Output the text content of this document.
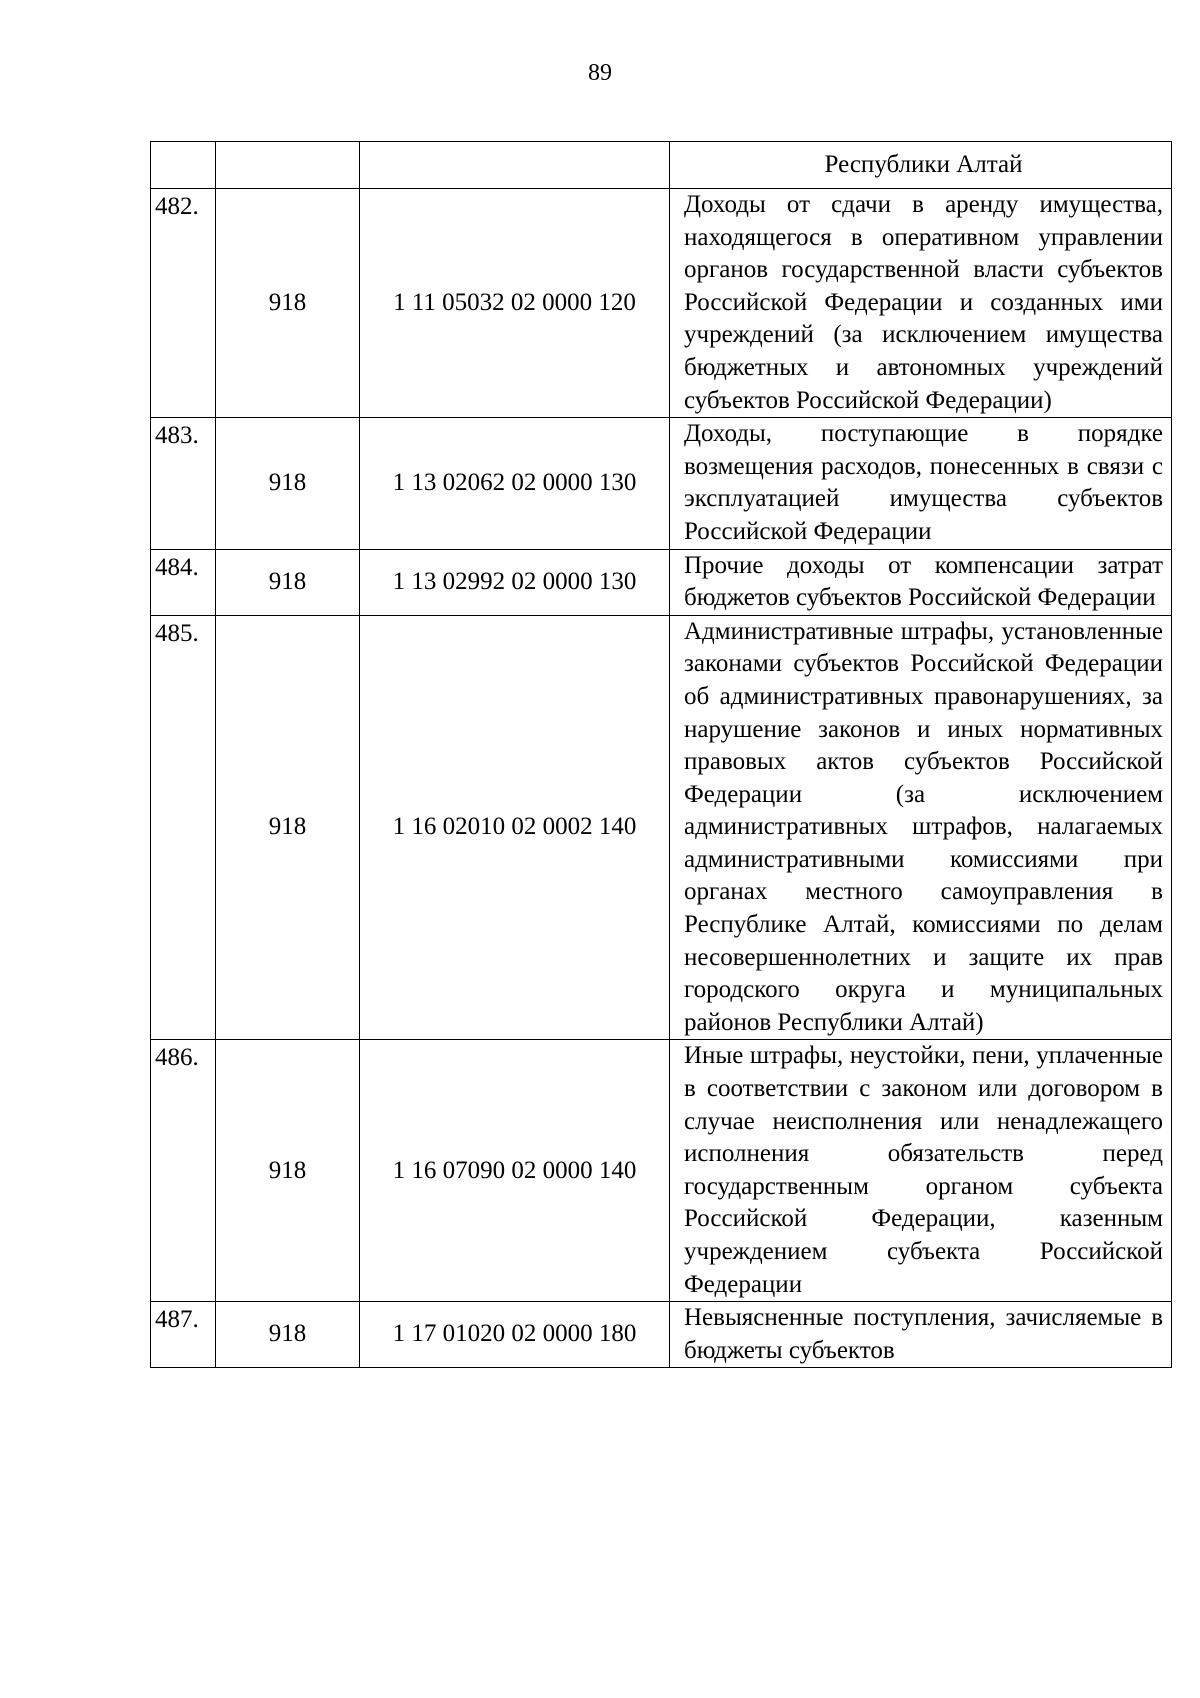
89
			Республики Алтай
482.	918	1 11 05032 02 0000 120	Доходы от сдачи в аренду имущества, находящегося в оперативном управлении органов государственной власти субъектов Российской Федерации и созданных ими учреждений (за исключением имущества бюджетных и автономных учреждений субъектов Российской Федерации)
483.	918	1 13 02062 02 0000 130	Доходы, поступающие в порядке возмещения расходов, понесенных в связи с эксплуатацией имущества субъектов Российской Федерации
484.	918	1 13 02992 02 0000 130	Прочие доходы от компенсации затрат бюджетов субъектов Российской Федерации
485.	918	1 16 02010 02 0002 140	Административные штрафы, установленные законами субъектов Российской Федерации об административных правонарушениях, за нарушение законов и иных нормативных правовых актов субъектов Российской Федерации (за исключением административных штрафов, налагаемых административными комиссиями при органах местного самоуправления в Республике Алтай, комиссиями по делам несовершеннолетних и защите их прав городского округа и муниципальных районов Республики Алтай)
486.	918	1 16 07090 02 0000 140	Иные штрафы, неустойки, пени, уплаченные в соответствии с законом или договором в случае неисполнения или ненадлежащего исполнения обязательств перед государственным органом субъекта Российской Федерации, казенным учреждением субъекта Российской Федерации
487.	918	1 17 01020 02 0000 180	Невыясненные поступления, зачисляемые в бюджеты субъектов
